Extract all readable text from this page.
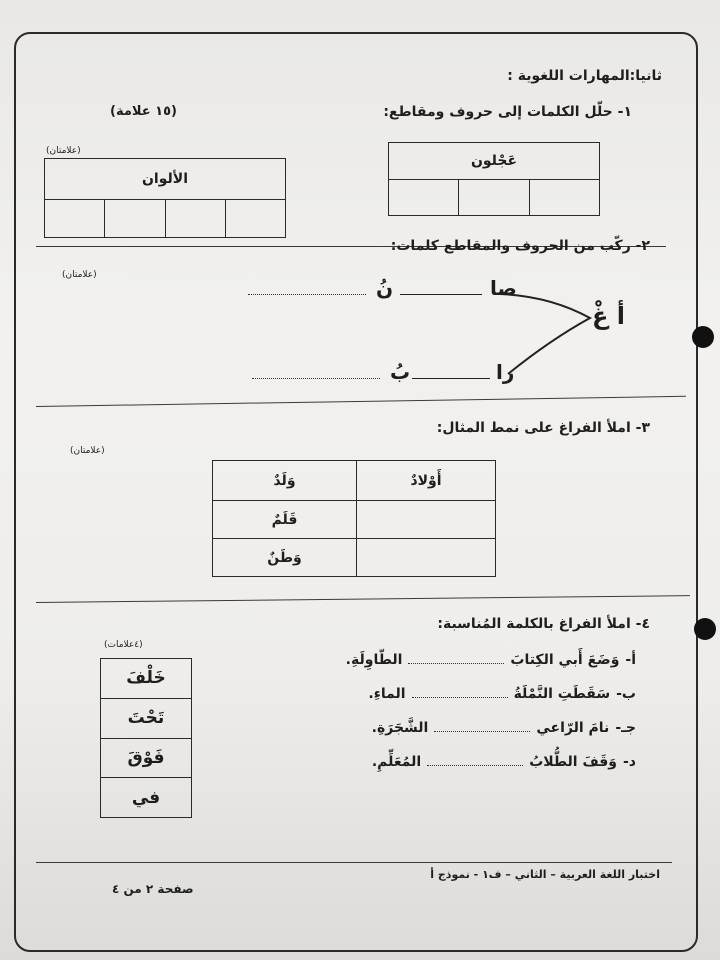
ثانيا:المهارات اللغوية :
(١٥ علامة)	١- حلّل الكلمات إلى حروف ومقاطع:
(علامتان)
عَجْلون

الألوان

٢- ركّب من الحروف والمقاطع كلمات:
(علامتان)
أ غْ
صا
نُ
را
بُ
٣- املأ الفراغ على نمط المثال:
(علامتان)
أَوْلادٌ	وَلَدٌ
	قَلَمٌ
	وَطَنٌ
٤- املأ الفراغ بالكلمة المُناسبة:
(٤علامات)
أ-وَضَعَ أَبي الكِتابَالطّاوِلَةِ.
ب-سَقَطَتِ النَّمْلَةُالماءِ.
جـ-نامَ الرّاعيالشَّجَرَةِ.
د-وَقَفَ الطُّلابُالمُعَلِّمِ.
خَلْفَ
تَحْتَ
فَوْقَ
في
اختبار اللغة العربية – الثاني – ف١ - نموذج أ
صفحة ٢ من ٤
